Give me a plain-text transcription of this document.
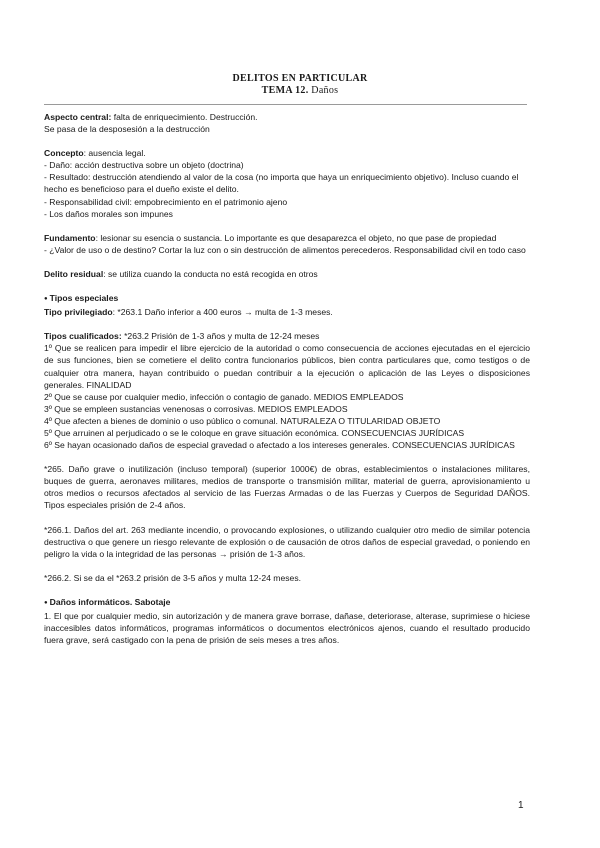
DELITOS EN PARTICULAR
TEMA 12. Daños

Aspecto central: falta de enriquecimiento. Destrucción.

Se pasa de la desposesión a la destrucción

Concepto: ausencia legal.

- Daño: acción destructiva sobre un objeto (doctrina)

- Resultado: destrucción atendiendo al valor de la cosa (no importa que haya un enriquecimiento objetivo). Incluso cuando el hecho es beneficioso para el dueño existe el delito.

- Responsabilidad civil: empobrecimiento en el patrimonio ajeno

- Los daños morales son impunes

Fundamento: lesionar su esencia o sustancia. Lo importante es que desaparezca el objeto, no que pase de propiedad

- ¿Valor de uso o de destino? Cortar la luz con o sin destrucción de alimentos perecederos. Responsabilidad civil en todo caso

Delito residual: se utiliza cuando la conducta no está recogida en otros

● Tipos especiales

Tipo privilegiado: *263.1 Daño inferior a 400 euros → multa de 1-3 meses.

Tipos cualificados: *263.2 Prisión de 1-3 años y multa de 12-24 meses

1º Que se realicen para impedir el libre ejercicio de la autoridad o como consecuencia de acciones ejecutadas en el ejercicio de sus funciones, bien se cometiere el delito contra funcionarios públicos, bien contra particulares que, como testigos o de cualquier otra manera, hayan contribuido o puedan contribuir a la ejecución o aplicación de las Leyes o disposiciones generales. FINALIDAD

2º Que se cause por cualquier medio, infección o contagio de ganado. MEDIOS EMPLEADOS

3º Que se empleen sustancias venenosas o corrosivas. MEDIOS EMPLEADOS

4º Que afecten a bienes de dominio o uso público o comunal. NATURALEZA O TITULARIDAD OBJETO

5º Que arruinen al perjudicado o se le coloque en grave situación económica. CONSECUENCIAS JURÍDICAS

6º Se hayan ocasionado daños de especial gravedad o afectado a los intereses generales. CONSECUENCIAS JURÍDICAS

*265. Daño grave o inutilización (incluso temporal) (superior 1000€) de obras, establecimientos o instalaciones militares, buques de guerra, aeronaves militares, medios de transporte o transmisión militar, material de guerra, aprovisionamiento u otros medios o recursos afectados al servicio de las Fuerzas Armadas o de las Fuerzas y Cuerpos de Seguridad DAÑOS. Tipos especiales prisión de 2-4 años.

*266.1. Daños del art. 263 mediante incendio, o provocando explosiones, o utilizando cualquier otro medio de similar potencia destructiva o que genere un riesgo relevante de explosión o de causación de otros daños de especial gravedad, o poniendo en peligro la vida o la integridad de las personas → prisión de 1-3 años.

*266.2. Si se da el *263.2 prisión de 3-5 años y multa 12-24 meses.

● Daños informáticos. Sabotaje

1. El que por cualquier medio, sin autorización y de manera grave borrase, dañase, deteriorase, alterase, suprimiese o hiciese inaccesibles datos informáticos, programas informáticos o documentos electrónicos ajenos, cuando el resultado producido fuera grave, será castigado con la pena de prisión de seis meses a tres años.

1
